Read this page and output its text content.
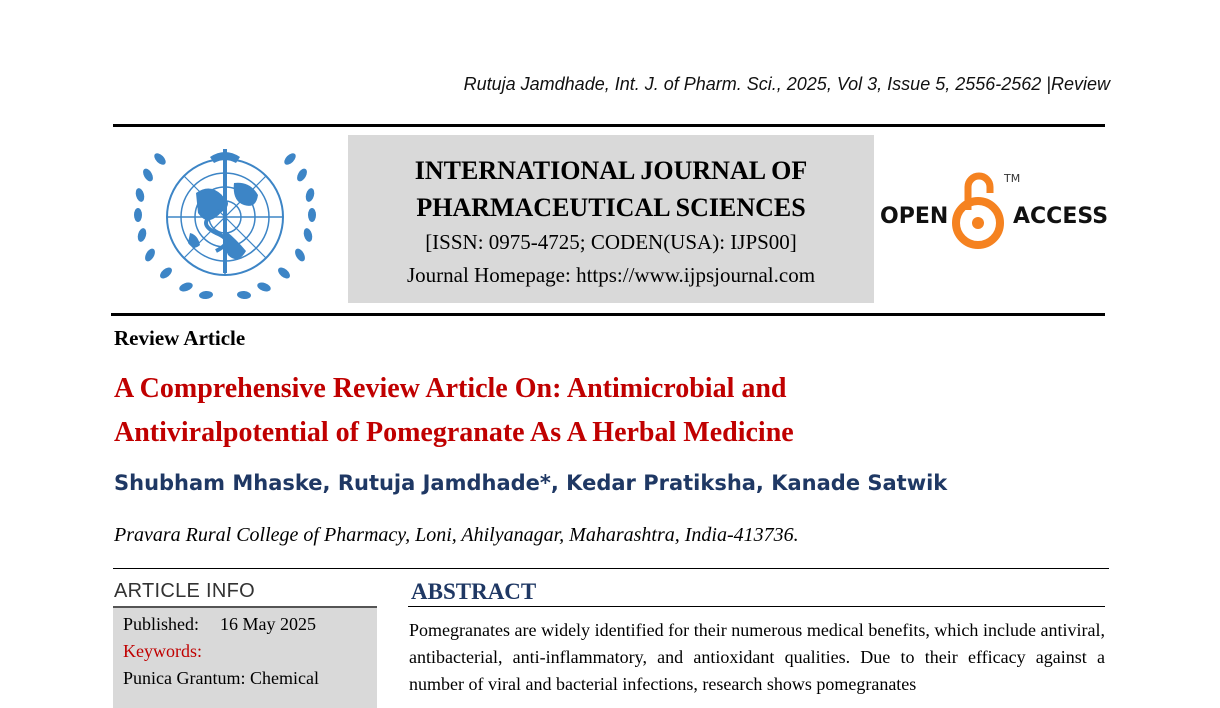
Rutuja Jamdhade, Int. J. of Pharm. Sci., 2025, Vol 3, Issue 5, 2556-2562 |Review
INTERNATIONAL JOURNAL OF
PHARMACEUTICAL SCIENCES
[ISSN: 0975-4725; CODEN(USA): IJPS00]
Journal Homepage: https://www.ijpsjournal.com
OPEN
TM
ACCESS
Review Article
A Comprehensive Review Article On: Antimicrobial and
Antiviralpotential of Pomegranate As A Herbal Medicine
Shubham Mhaske, Rutuja Jamdhade*, Kedar Pratiksha, Kanade Satwik
Pravara Rural College of Pharmacy, Loni, Ahilyanagar, Maharashtra, India-413736.
ARTICLE INFO
Published: 16 May 2025
Keywords:
Punica Grantum: Chemical
ABSTRACT
Pomegranates are widely identified for their numerous medical benefits, which include antiviral, antibacterial, anti-inflammatory, and antioxidant qualities. Due to their efficacy against a number of viral and bacterial infections, research shows pomegranates
